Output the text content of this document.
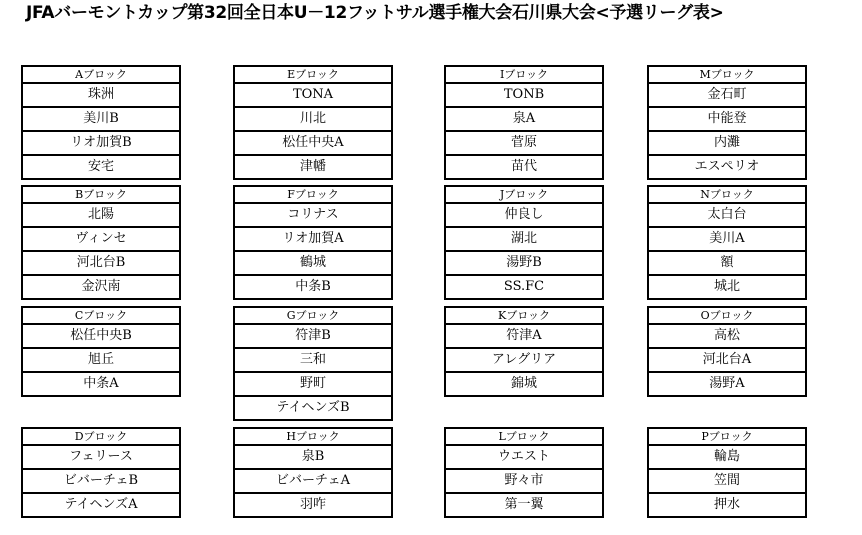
JFAバーモントカップ第32回全日本U－12フットサル選手権大会石川県大会<予選リーグ表>
Aブロック
珠洲
美川B
リオ加賀B
安宅
Eブロック
TONA
川北
松任中央A
津幡
Iブロック
TONB
泉A
菅原
苗代
Mブロック
金石町
中能登
内灘
エスペリオ
Bブロック
北陽
ヴィンセ
河北台B
金沢南
Fブロック
コリナス
リオ加賀A
鶴城
中条B
Jブロック
仲良し
湖北
湯野B
SS.FC
Nブロック
太白台
美川A
額
城北
Cブロック
松任中央B
旭丘
中条A
Gブロック
符津B
三和
野町
テイヘンズB
Kブロック
符津A
アレグリア
錦城
Oブロック
高松
河北台A
湯野A
Dブロック
フェリース
ビバーチェB
テイヘンズA
Hブロック
泉B
ビバーチェA
羽咋
Lブロック
ウエスト
野々市
第一翼
Pブロック
輪島
笠間
押水
